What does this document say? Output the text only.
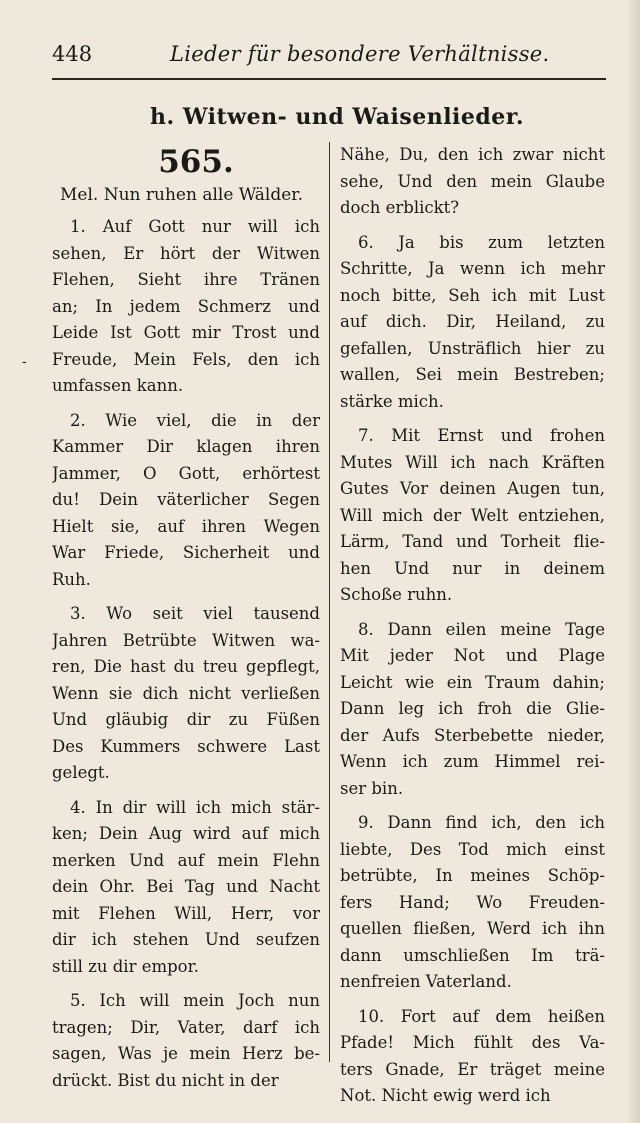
448	Lieder für besondere Verhältnisse.
h. Witwen- und Waisenlieder.
-
565.
Mel. Nun ruhen alle Wälder.
1. Auf Gott nur will ich
sehen, Er hört der Witwen
Flehen, Sieht ihre Tränen
an; In jedem Schmerz und
Leide Ist Gott mir Trost und
Freude, Mein Fels, den ich
umfassen kann.
2. Wie viel, die in der
Kammer Dir klagen ihren
Jammer, O Gott, erhörtest
du! Dein väterlicher Segen
Hielt sie, auf ihren Wegen
War Friede, Sicherheit und
Ruh.
3. Wo seit viel tausend
Jahren Betrübte Witwen wa-
ren, Die hast du treu gepflegt,
Wenn sie dich nicht verließen
Und gläubig dir zu Füßen
Des Kummers schwere Last
gelegt.
4. In dir will ich mich stär-
ken; Dein Aug wird auf mich
merken Und auf mein Flehn
dein Ohr. Bei Tag und Nacht
mit Flehen Will, Herr, vor
dir ich stehen Und seufzen
still zu dir empor.
5. Ich will mein Joch nun
tragen; Dir, Vater, darf ich
sagen, Was je mein Herz be-
drückt. Bist du nicht in der
Nähe, Du, den ich zwar nicht
sehe, Und den mein Glaube
doch erblickt?
6. Ja bis zum letzten
Schritte, Ja wenn ich mehr
noch bitte, Seh ich mit Lust
auf dich. Dir, Heiland, zu
gefallen, Unsträflich hier zu
wallen, Sei mein Bestreben;
stärke mich.
7. Mit Ernst und frohen
Mutes Will ich nach Kräften
Gutes Vor deinen Augen tun,
Will mich der Welt entziehen,
Lärm, Tand und Torheit flie-
hen Und nur in deinem
Schoße ruhn.
8. Dann eilen meine Tage
Mit jeder Not und Plage
Leicht wie ein Traum dahin;
Dann leg ich froh die Glie-
der Aufs Sterbebette nieder,
Wenn ich zum Himmel rei-
ser bin.
9. Dann find ich, den ich
liebte, Des Tod mich einst
betrübte, In meines Schöp-
fers Hand; Wo Freuden-
quellen fließen, Werd ich ihn
dann umschließen Im trä-
nenfreien Vaterland.
10. Fort auf dem heißen
Pfade! Mich fühlt des Va-
ters Gnade, Er träget meine
Not. Nicht ewig werd ich
